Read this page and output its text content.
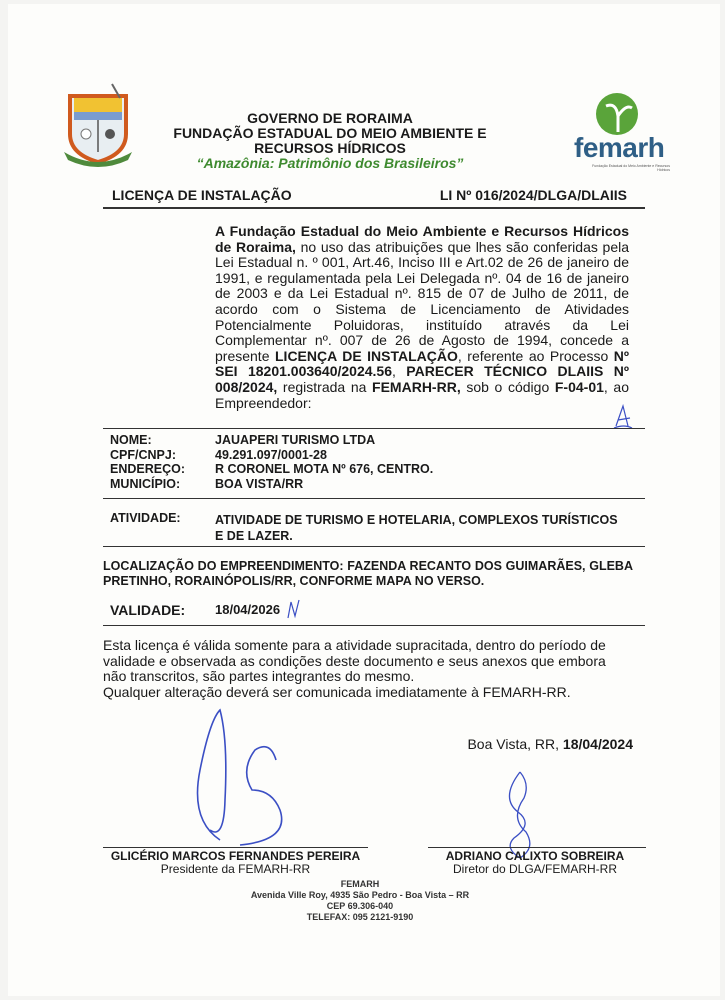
GOVERNO DE RORAIMA
FUNDAÇÃO ESTADUAL DO MEIO AMBIENTE E
RECURSOS HÍDRICOS
“Amazônia: Patrimônio dos Brasileiros”	femarh
Fundação Estadual do Meio Ambiente e Recursos Hídricos
LICENÇA DE INSTALAÇÃO	LI Nº 016/2024/DLGA/DLAIIS
A Fundação Estadual do Meio Ambiente e Recursos Hídricos de Roraima, no uso das atribuições que lhes são conferidas pela Lei Estadual n. º 001, Art.46, Inciso III e Art.02 de 26 de janeiro de 1991, e regulamentada pela Lei Delegada nº. 04 de 16 de janeiro de 2003 e da Lei Estadual nº. 815 de 07 de Julho de 2011, de acordo com o Sistema de Licenciamento de Atividades Potencialmente Poluidoras, instituído através da Lei Complementar nº. 007 de 26 de Agosto de 1994, concede a presente LICENÇA DE INSTALAÇÃO, referente ao Processo Nº SEI 18201.003640/2024.56, PARECER TÉCNICO DLAIIS Nº 008/2024, registrada na FEMARH-RR, sob o código F-04-01, ao Empreendedor:
NOME:	JAUAPERI TURISMO LTDA
CPF/CNPJ:	49.291.097/0001-28
ENDEREÇO: R CORONEL MOTA Nº 676, CENTRO.
MUNICÍPIO:	BOA VISTA/RR
ATIVIDADE:	ATIVIDADE DE TURISMO E HOTELARIA, COMPLEXOS TURÍSTICOS
E DE LAZER.
LOCALIZAÇÃO DO EMPREENDIMENTO: FAZENDA RECANTO DOS GUIMARÃES, GLEBA PRETINHO, RORAINÓPOLIS/RR, CONFORME MAPA NO VERSO.
VALIDADE: 18/04/2026
Esta licença é válida somente para a atividade supracitada, dentro do período de validade e observada as condições deste documento e seus anexos que embora não transcritos, são partes integrantes do mesmo.
Qualquer alteração deverá ser comunicada imediatamente à FEMARH-RR.
Boa Vista, RR, 18/04/2024
GLICÉRIO MARCOS FERNANDES PEREIRA
Presidente da FEMARH-RR
ADRIANO CALIXTO SOBREIRA
Diretor do DLGA/FEMARH-RR
FEMARH
Avenida Ville Roy, 4935 São Pedro - Boa Vista – RR
CEP 69.306-040
TELEFAX: 095 2121-9190
